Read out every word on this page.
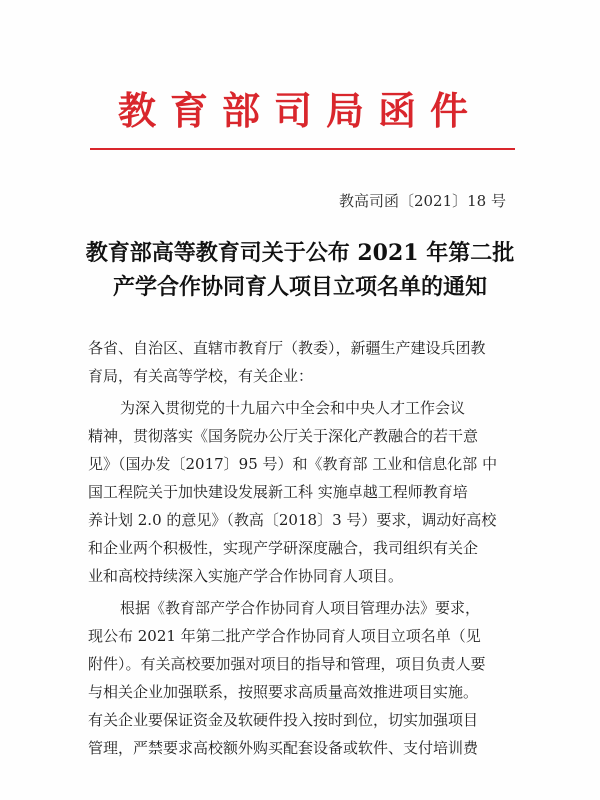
教育部司局函件
教高司函〔2021〕18 号
教育部高等教育司关于公布 2021 年第二批
产学合作协同育人项目立项名单的通知
各省、自治区、直辖市教育厅（教委），新疆生产建设兵团教
育局，有关高等学校，有关企业：
为深入贯彻党的十九届六中全会和中央人才工作会议
精神，贯彻落实《国务院办公厅关于深化产教融合的若干意
见》（国办发〔2017〕95 号）和《教育部 工业和信息化部 中
国工程院关于加快建设发展新工科 实施卓越工程师教育培
养计划 2.0 的意见》（教高〔2018〕3 号）要求，调动好高校
和企业两个积极性，实现产学研深度融合，我司组织有关企
业和高校持续深入实施产学合作协同育人项目。
根据《教育部产学合作协同育人项目管理办法》要求，
现公布 2021 年第二批产学合作协同育人项目立项名单（见
附件）。有关高校要加强对项目的指导和管理，项目负责人要
与相关企业加强联系，按照要求高质量高效推进项目实施。
有关企业要保证资金及软硬件投入按时到位，切实加强项目
管理，严禁要求高校额外购买配套设备或软件、支付培训费
